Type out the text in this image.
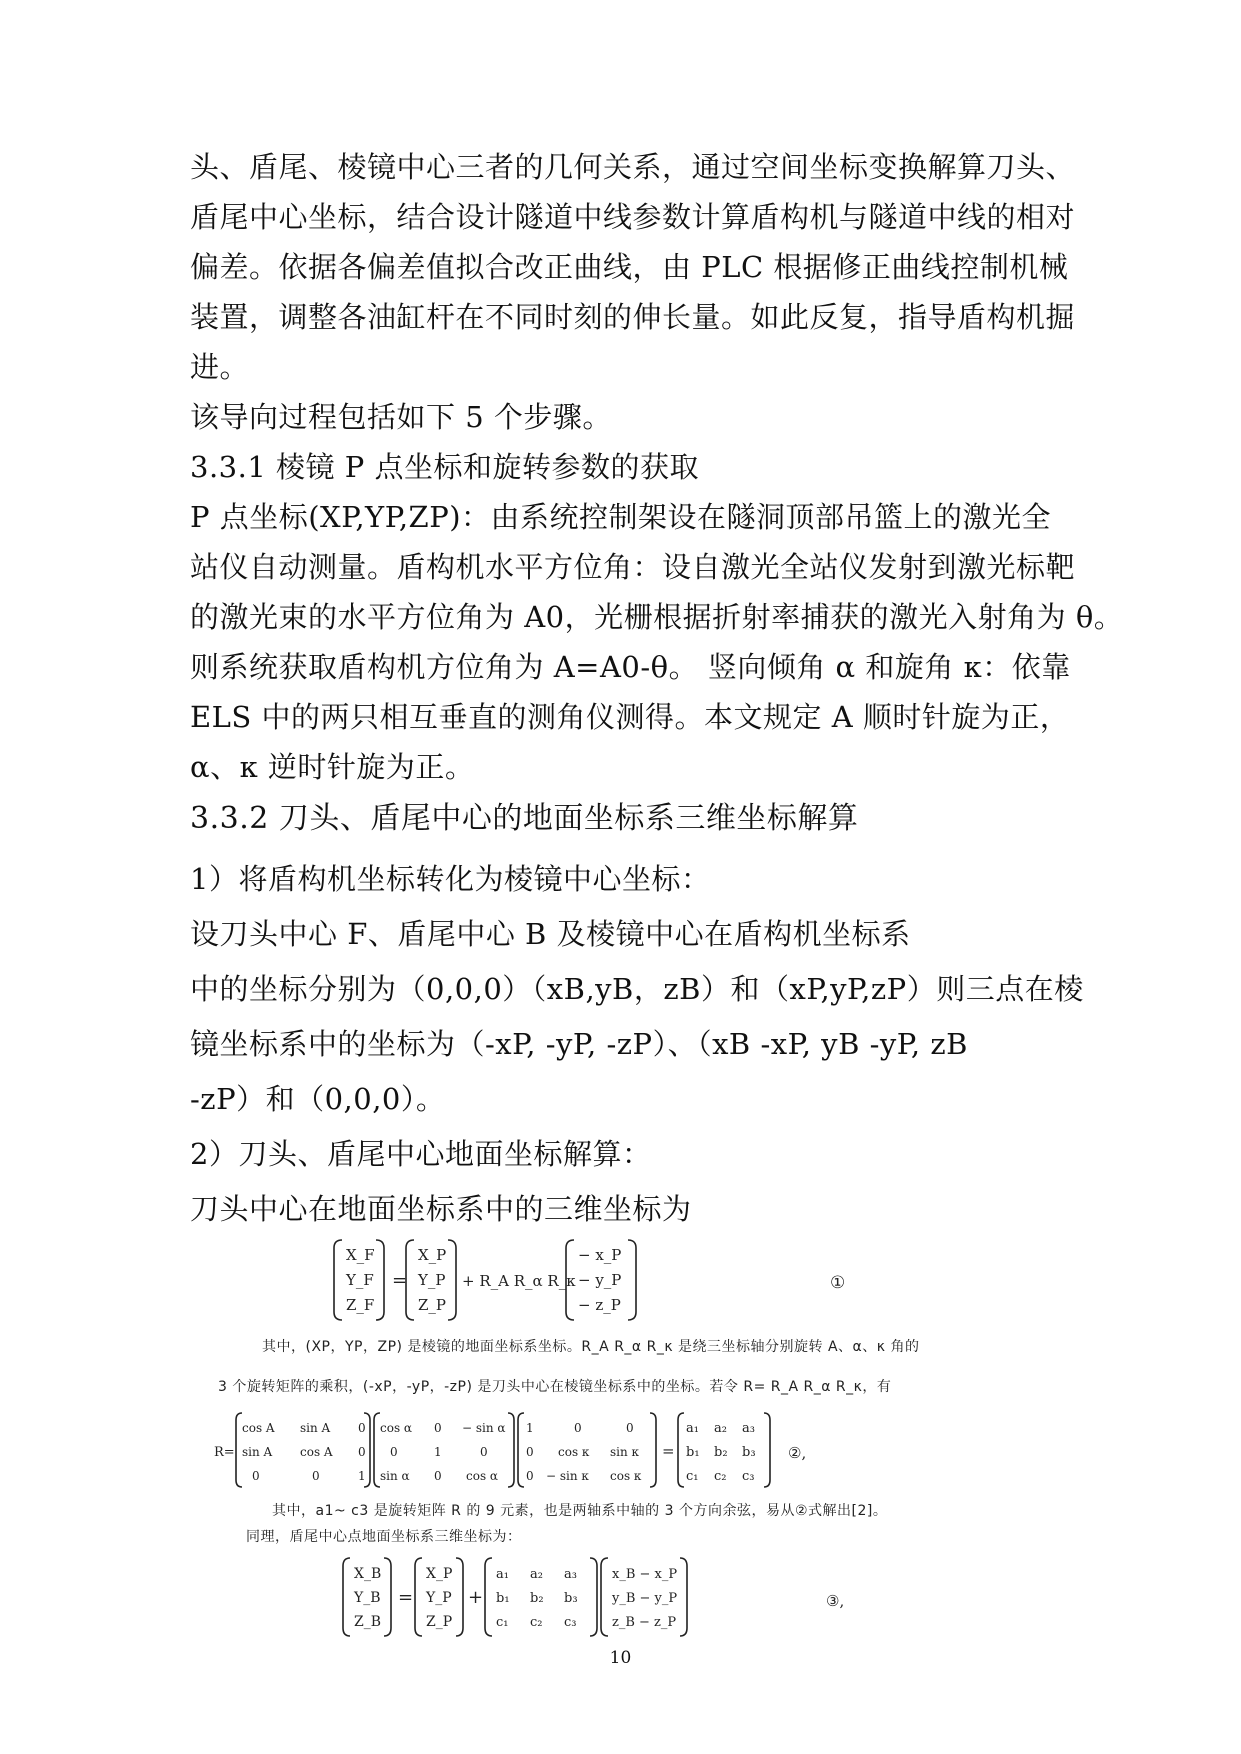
头、盾尾、棱镜中心三者的几何关系，通过空间坐标变换解算刀头、
盾尾中心坐标，结合设计隧道中线参数计算盾构机与隧道中线的相对
偏差。依据各偏差值拟合改正曲线，由 PLC 根据修正曲线控制机械
装置，调整各油缸杆在不同时刻的伸长量。如此反复，指导盾构机掘
进。
该导向过程包括如下 5 个步骤。
3.3.1 棱镜 P 点坐标和旋转参数的获取
P 点坐标(XP,YP,ZP)：由系统控制架设在隧洞顶部吊篮上的激光全
站仪自动测量。盾构机水平方位角：设自激光全站仪发射到激光标靶
的激光束的水平方位角为 A0，光栅根据折射率捕获的激光入射角为 θ。
则系统获取盾构机方位角为 A=A0-θ。 竖向倾角 α 和旋角 κ：依靠
ELS 中的两只相互垂直的测角仪测得。本文规定 A 顺时针旋为正，
α、κ 逆时针旋为正。
3.3.2 刀头、盾尾中心的地面坐标系三维坐标解算
1）将盾构机坐标转化为棱镜中心坐标：
设刀头中心 F、盾尾中心 B 及棱镜中心在盾构机坐标系
中的坐标分别为（0,0,0）（xB,yB，zB）和（xP,yP,zP）则三点在棱
镜坐标系中的坐标为（-xP, -yP, -zP）、（xB -xP, yB -yP, zB
-zP）和（0,0,0）。
2）刀头、盾尾中心地面坐标解算：
刀头中心在地面坐标系中的三维坐标为
X_F
Y_F
Z_F
=
X_P
Y_P
Z_P
+ R_A R_α R_κ
− x_P
− y_P
− z_P
①
其中，(XP，YP，ZP) 是棱镜的地面坐标系坐标。R_A R_α R_κ 是绕三坐标轴分别旋转 A、α、κ 角的
3 个旋转矩阵的乘积，(-xP，-yP，-zP) 是刀头中心在棱镜坐标系中的坐标。若令 R= R_A R_α R_κ，有
R=
cos A sin A 0
sin A cos A 0
0	0	1
cos α 0 − sin α
0	1	0
sin α 0 cos α
1	0	0
0 cos κ sin κ
0 − sin κ cos κ
=
a₁ a₂ a₃
b₁ b₂ b₃
c₁ c₂ c₃
②,
其中，a1~ c3 是旋转矩阵 R 的 9 元素，也是两轴系中轴的 3 个方向余弦，易从②式解出[2]。
同理，盾尾中心点地面坐标系三维坐标为：
X_B
Y_B
Z_B
=
X_P
Y_P
Z_P
+
a₁ a₂ a₃
b₁ b₂ b₃
c₁ c₂ c₃
x_B − x_P
y_B − y_P
z_B − z_P
③,
10
